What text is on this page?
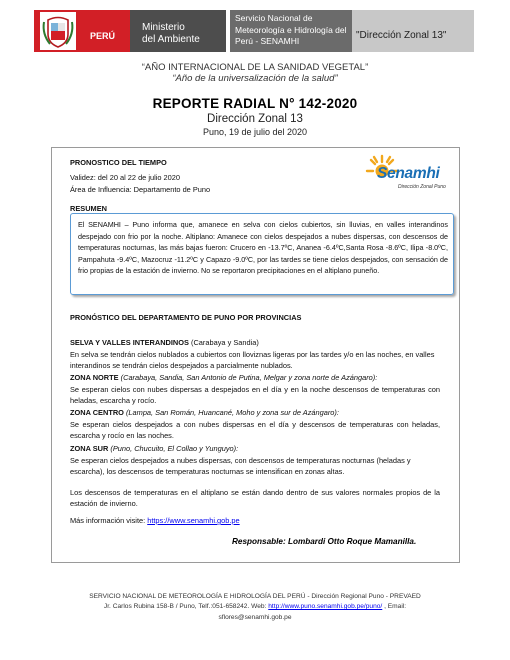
PERÚ
Ministerio
del Ambiente
Servicio Nacional de
Meteorología e Hidrología del
Perú - SENAMHI	"Dirección Zonal 13"
“AÑO INTERNACIONAL DE LA SANIDAD VEGETAL”
“Año de la universalización de la salud”
REPORTE RADIAL N° 142-2020
Dirección Zonal 13
Puno, 19 de julio del 2020
PRONOSTICO DEL TIEMPO
Validez: del 20 al 22 de julio 2020
Área de Influencia: Departamento de Puno
RESUMEN
Senamhi
Dirección Zonal Puno
El SENAMHI – Puno informa que, amanece en selva con cielos cubiertos, sin lluvias, en valles interandinos despejado con frio por la noche. Altiplano: Amanece con cielos despejados a nubes dispersas, con descensos de temperaturas nocturnas, las más bajas fueron: Crucero en -13.7ºC, Ananea -6.4ºC,Santa Rosa -8.6ºC, Ilipa -8.0ºC, Pampahuta -9.4ºC, Mazocruz -11.2ºC y Capazo -9.0ºC, por las tardes se tiene cielos despejados, con sensación de frio propias de la estación de invierno. No se reportaron precipitaciones en el altiplano puneño.
PRONÓSTICO DEL DEPARTAMENTO DE PUNO POR PROVINCIAS
SELVA Y VALLES INTERANDINOS (Carabaya y Sandia)
En selva se tendrán cielos nublados a cubiertos con lloviznas ligeras por las tardes y/o en las noches, en valles interandinos se tendrán cielos despejados a parcialmente nublados.
ZONA NORTE (Carabaya, Sandia, San Antonio de Putina, Melgar y zona norte de Azángaro):
Se esperan cielos con nubes dispersas a despejados en el día y en la noche descensos de temperaturas con heladas, escarcha y rocío.
ZONA CENTRO (Lampa, San Román, Huancané, Moho y zona sur de Azángaro):
Se esperan cielos despejados a con nubes dispersas en el día y descensos de temperaturas con heladas, escarcha y rocío en las noches.
ZONA SUR (Puno, Chucuito, El Collao y Yunguyo):
Se esperan cielos despejados a nubes dispersas, con descensos de temperaturas nocturnas (heladas y escarcha), los descensos de temperaturas nocturnas se intensifican en zonas altas.
Los descensos de temperaturas en el altiplano se están dando dentro de sus valores normales propios de la estación de invierno.
Más información visite: https://www.senamhi.gob.pe
Responsable: Lombardi Otto Roque Mamanilla.
SERVICIO NACIONAL DE METEOROLOGÍA E HIDROLOGÍA DEL PERÚ - Dirección Regional Puno - PREVAED
Jr. Carlos Rubina 158-B / Puno, Telf.:051-658242. Web: http://www.puno.senamhi.gob.pe/puno/ , Email:
sflores@senamhi.gob.pe
